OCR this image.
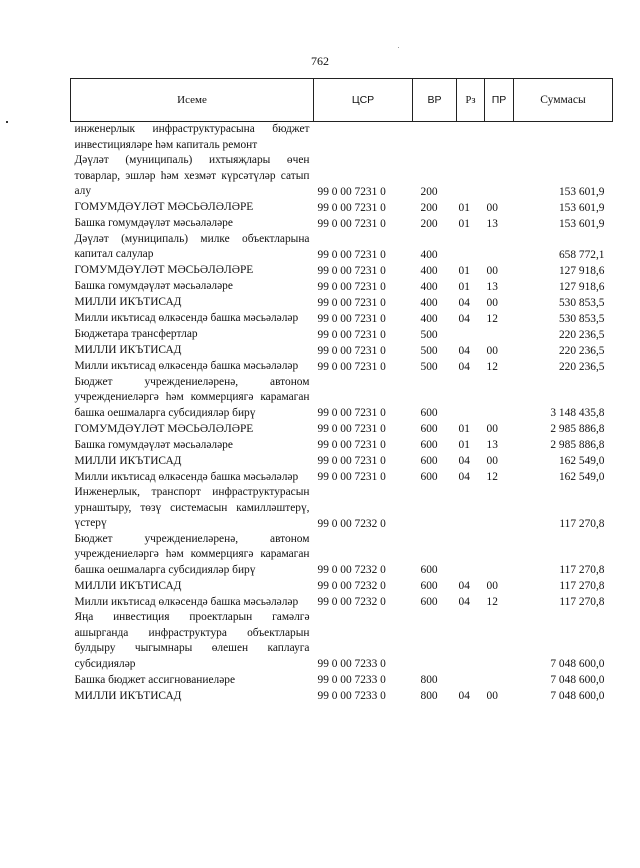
762
Исеме	ЦСР	ВР	Рз	ПР	Суммасы
инженерлык инфраструктурасына бюджет инвестицияләре һәм капиталь ремонт					
Дәүләт (муниципаль) ихтыяҗлары өчен товарлар, эшләр һәм хезмәт күрсәтүләр сатып алу	99 0 00 7231 0	200			153 601,9
ГОМУМДӘҮЛӘТ МӘСЬӘЛӘЛӘРЕ	99 0 00 7231 0	200	01	00	153 601,9
Башка гомумдәүләт мәсьәләләре	99 0 00 7231 0	200	01	13	153 601,9
Дәүләт (муниципаль) милке объектларына капитал салулар	99 0 00 7231 0	400			658 772,1
ГОМУМДӘҮЛӘТ МӘСЬӘЛӘЛӘРЕ	99 0 00 7231 0	400	01	00	127 918,6
Башка гомумдәүләт мәсьәләләре	99 0 00 7231 0	400	01	13	127 918,6
МИЛЛИ ИКЪТИСАД	99 0 00 7231 0	400	04	00	530 853,5
Милли икътисад өлкәсендә башка мәсьәләләр	99 0 00 7231 0	400	04	12	530 853,5
Бюджетара трансфертлар	99 0 00 7231 0	500			220 236,5
МИЛЛИ ИКЪТИСАД	99 0 00 7231 0	500	04	00	220 236,5
Милли икътисад өлкәсендә башка мәсьәләләр	99 0 00 7231 0	500	04	12	220 236,5
Бюджет учреждениеләренә, автоном учреждениеләргә һәм коммерциягә карамаган башка оешмаларга субсидияләр бирү	99 0 00 7231 0	600			3 148 435,8
ГОМУМДӘҮЛӘТ МӘСЬӘЛӘЛӘРЕ	99 0 00 7231 0	600	01	00	2 985 886,8
Башка гомумдәүләт мәсьәләләре	99 0 00 7231 0	600	01	13	2 985 886,8
МИЛЛИ ИКЪТИСАД	99 0 00 7231 0	600	04	00	162 549,0
Милли икътисад өлкәсендә башка мәсьәләләр	99 0 00 7231 0	600	04	12	162 549,0
Инженерлык, транспорт инфраструктурасын урнаштыру, төзү системасын камилләштерү, үстерү	99 0 00 7232 0				117 270,8
Бюджет учреждениеләренә, автоном учреждениеләргә һәм коммерциягә карамаган башка оешмаларга субсидияләр бирү	99 0 00 7232 0	600			117 270,8
МИЛЛИ ИКЪТИСАД	99 0 00 7232 0	600	04	00	117 270,8
Милли икътисад өлкәсендә башка мәсьәләләр	99 0 00 7232 0	600	04	12	117 270,8
Яңа инвестиция проектларын гамәлгә ашырганда инфраструктура объектларын булдыру чыгымнары өлешен каплауга субсидияләр	99 0 00 7233 0				7 048 600,0
Башка бюджет ассигнованиеләре	99 0 00 7233 0	800			7 048 600,0
МИЛЛИ ИКЪТИСАД	99 0 00 7233 0	800	04	00	7 048 600,0
